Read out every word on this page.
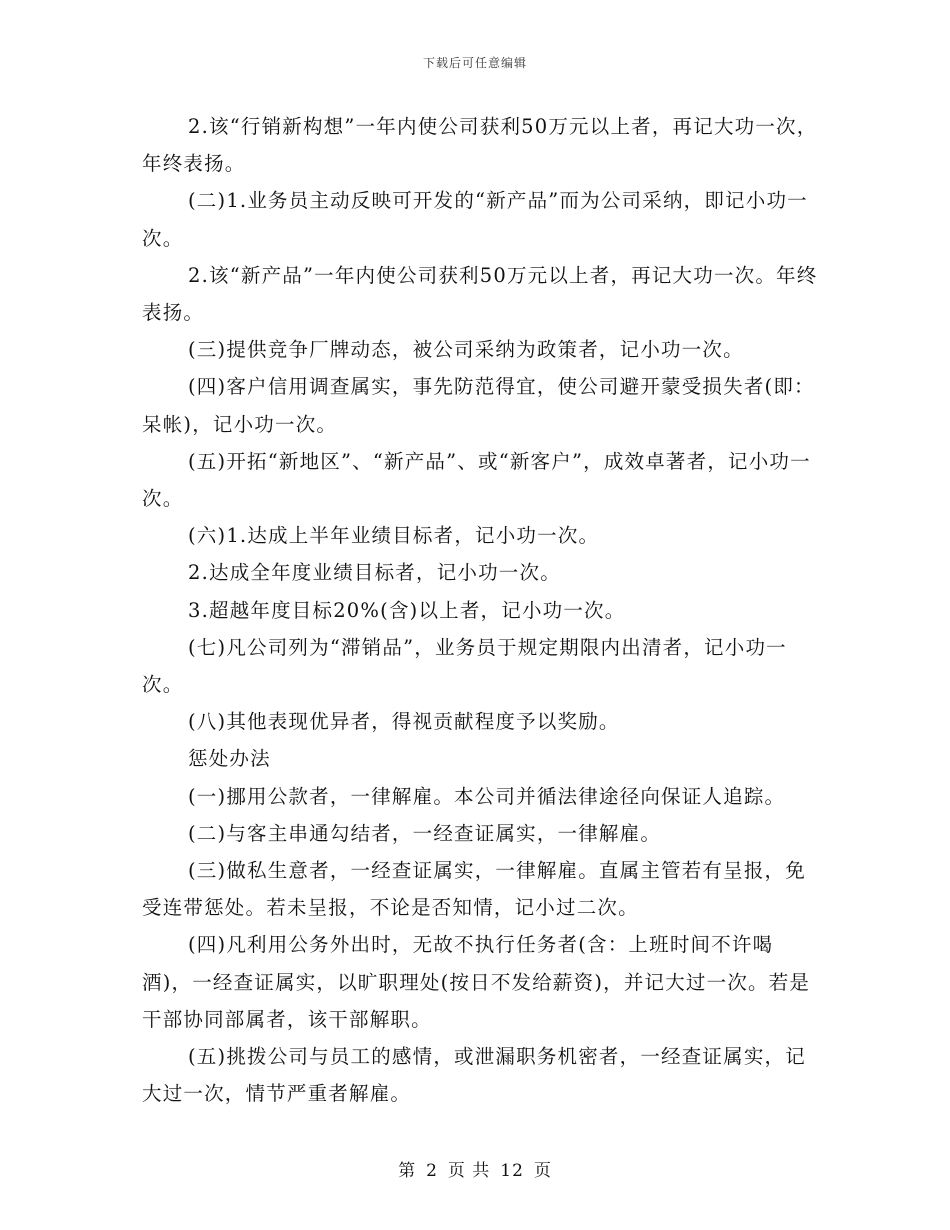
下载后可任意编辑

2.该“行销新构想”一年内使公司获利50万元以上者，再记大功一次，年终表扬。

(二)1.业务员主动反映可开发的“新产品”而为公司采纳，即记小功一次。

2.该“新产品”一年内使公司获利50万元以上者，再记大功一次。年终表扬。

(三)提供竞争厂牌动态，被公司采纳为政策者，记小功一次。

(四)客户信用调查属实，事先防范得宜，使公司避开蒙受损失者(即：呆帐)，记小功一次。

(五)开拓“新地区”、“新产品”、或“新客户”，成效卓著者，记小功一次。

(六)1.达成上半年业绩目标者，记小功一次。

2.达成全年度业绩目标者，记小功一次。

3.超越年度目标20%(含)以上者，记小功一次。

(七)凡公司列为“滞销品”，业务员于规定期限内出清者，记小功一次。

(八)其他表现优异者，得视贡献程度予以奖励。

惩处办法

(一)挪用公款者，一律解雇。本公司并循法律途径向保证人追踪。

(二)与客主串通勾结者，一经查证属实，一律解雇。

(三)做私生意者，一经查证属实，一律解雇。直属主管若有呈报，免受连带惩处。若未呈报，不论是否知情，记小过二次。

(四)凡利用公务外出时，无故不执行任务者(含：上班时间不许喝酒)，一经查证属实，以旷职理处(按日不发给薪资)，并记大过一次。若是干部协同部属者，该干部解职。

(五)挑拨公司与员工的感情，或泄漏职务机密者，一经查证属实，记大过一次，情节严重者解雇。

第 2 页 共 12 页
